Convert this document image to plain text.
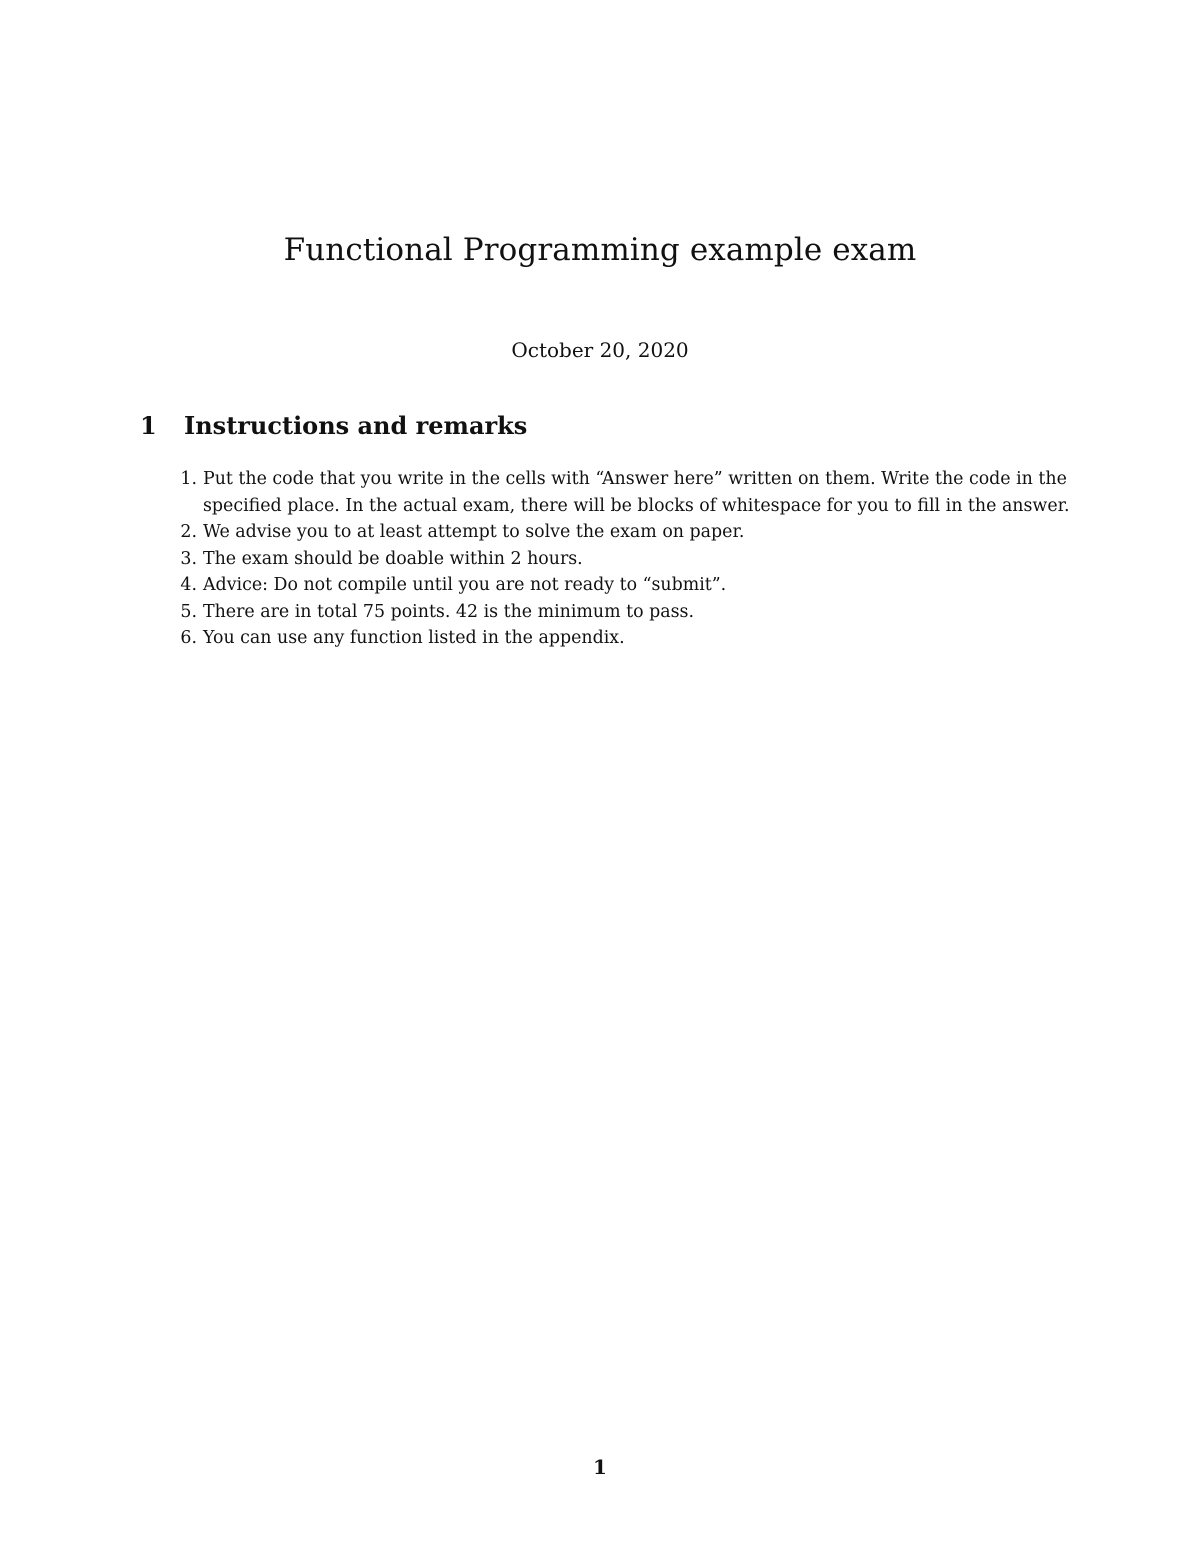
Functional Programming example exam
October 20, 2020
1	Instructions and remarks
1. Put the code that you write in the cells with “Answer here” written on them. Write the code in the specified place. In the actual exam, there will be blocks of whitespace for you to fill in the answer.
2. We advise you to at least attempt to solve the exam on paper.
3. The exam should be doable within 2 hours.
4. Advice: Do not compile until you are not ready to “submit”.
5. There are in total 75 points. 42 is the minimum to pass.
6. You can use any function listed in the appendix.
1
